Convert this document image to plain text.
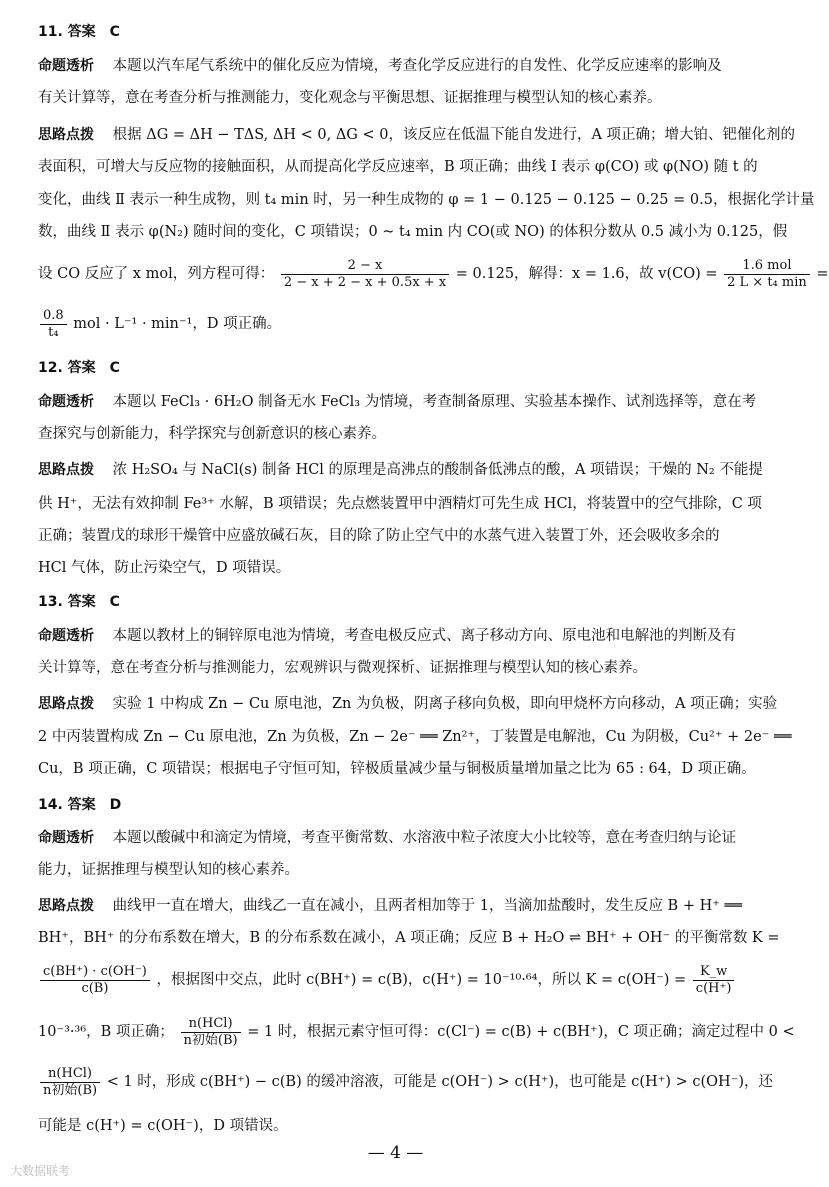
11. 答案　C
命题透析 本题以汽车尾气系统中的催化反应为情境，考查化学反应进行的自发性、化学反应速率的影响及
有关计算等，意在考查分析与推测能力，变化观念与平衡思想、证据推理与模型认知的核心素养。
思路点拨 根据 ΔG = ΔH − TΔS, ΔH < 0, ΔG < 0，该反应在低温下能自发进行，A 项正确；增大铂、钯催化剂的
表面积，可增大与反应物的接触面积，从而提高化学反应速率，B 项正确；曲线 Ⅰ 表示 φ(CO) 或 φ(NO) 随 t 的
变化，曲线 Ⅱ 表示一种生成物，则 t₄ min 时，另一种生成物的 φ = 1 − 0.125 − 0.125 − 0.25 = 0.5，根据化学计量
数，曲线 Ⅱ 表示 φ(N₂) 随时间的变化，C 项错误；0 ~ t₄ min 内 CO(或 NO) 的体积分数从 0.5 减小为 0.125，假
设 CO 反应了 x mol，列方程可得： $\frac{2 - x}{2 - x + 2 - x + 0.5x + x} = 0.125$，解得：x = 1.6，故 $v(CO) = \frac{\text{1.6 mol}}{\text{2 L × t₄ min}}$ =
$\frac{0.8}{\text{t₄}}$ mol · L⁻¹ · min⁻¹，D 项正确。
12. 答案　C
命题透析 本题以 FeCl₃ · 6H₂O 制备无水 FeCl₃ 为情境，考查制备原理、实验基本操作、试剂选择等，意在考
查探究与创新能力，科学探究与创新意识的核心素养。
思路点拨 浓 H₂SO₄ 与 NaCl(s) 制备 HCl 的原理是高沸点的酸制备低沸点的酸，A 项错误；干燥的 N₂ 不能提
供 H⁺，无法有效抑制 Fe³⁺ 水解，B 项错误；先点燃装置甲中酒精灯可先生成 HCl，将装置中的空气排除，C 项
正确；装置戊的球形干燥管中应盛放碱石灰，目的除了防止空气中的水蒸气进入装置丁外，还会吸收多余的
HCl 气体，防止污染空气，D 项错误。
13. 答案　C
命题透析 本题以教材上的铜锌原电池为情境，考查电极反应式、离子移动方向、原电池和电解池的判断及有
关计算等，意在考查分析与推测能力，宏观辨识与微观探析、证据推理与模型认知的核心素养。
思路点拨 实验 1 中构成 Zn − Cu 原电池，Zn 为负极，阴离子移向负极，即向甲烧杯方向移动，A 项正确；实验
2 中丙装置构成 Zn − Cu 原电池，Zn 为负极，Zn − 2e⁻ ══ Zn²⁺，丁装置是电解池，Cu 为阴极，Cu²⁺ + 2e⁻ ══
Cu，B 项正确，C 项错误；根据电子守恒可知，锌极质量减少量与铜极质量增加量之比为 65 : 64，D 项正确。
14. 答案　D
命题透析 本题以酸碱中和滴定为情境，考查平衡常数、水溶液中粒子浓度大小比较等，意在考查归纳与论证
能力，证据推理与模型认知的核心素养。
思路点拨 曲线甲一直在增大，曲线乙一直在减小，且两者相加等于 1，当滴加盐酸时，发生反应 B + H⁺ ══
BH⁺，BH⁺ 的分布系数在增大，B 的分布系数在减小，A 项正确；反应 B + H₂O ⇌ BH⁺ + OH⁻ 的平衡常数 K =
$\frac{c(BH^+) \cdot c(OH^-)}{c(B)}$ ，根据图中交点，此时 c(BH⁺) = c(B)，c(H⁺) = 10⁻¹⁰·⁶⁴，所以 $K = c(OH^-) = \frac{K\_w}{c(H^+)}$
10⁻³·³⁶，B 项正确； $\frac{\text{n(HCl)}}{\text{n初始(B)}} = 1$ 时，根据元素守恒可得：c(Cl⁻) = c(B) + c(BH⁺)，C 项正确；滴定过程中 0 <
$\frac{\text{n(HCl)}}{\text{n初始(B)}} < 1$ 时，形成 c(BH⁺) − c(B) 的缓冲溶液，可能是 c(OH⁻) > c(H⁺)，也可能是 c(H⁺) > c(OH⁻)，还
可能是 c(H⁺) = c(OH⁻)，D 项错误。
— 4 —
大数据联考
